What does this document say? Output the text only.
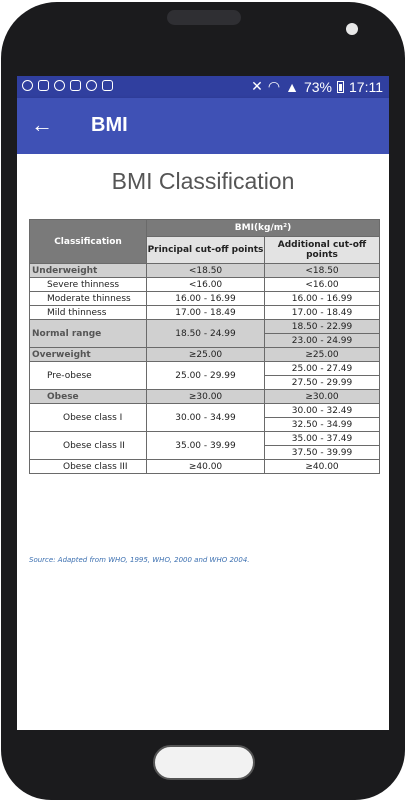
✕ ◠ ▲ 73% 17:11
← BMI
BMI Classification
Classification	BMI(kg/m²)	
	Principal cut-off points	Additional cut-off points
Underweight	<18.50	<18.50
Severe thinness	<16.00	<16.00
Moderate thinness	16.00 - 16.99	16.00 - 16.99
Mild thinness	17.00 - 18.49	17.00 - 18.49
Normal range	18.50 - 24.99	18.50 - 22.99
		23.00 - 24.99
Overweight	≥25.00	≥25.00
Pre-obese	25.00 - 29.99	25.00 - 27.49
		27.50 - 29.99
Obese	≥30.00	≥30.00
Obese class I	30.00 - 34.99	30.00 - 32.49
		32.50 - 34.99
Obese class II	35.00 - 39.99	35.00 - 37.49
		37.50 - 39.99
Obese class III	≥40.00	≥40.00
Source: Adapted from WHO, 1995, WHO, 2000 and WHO 2004.
